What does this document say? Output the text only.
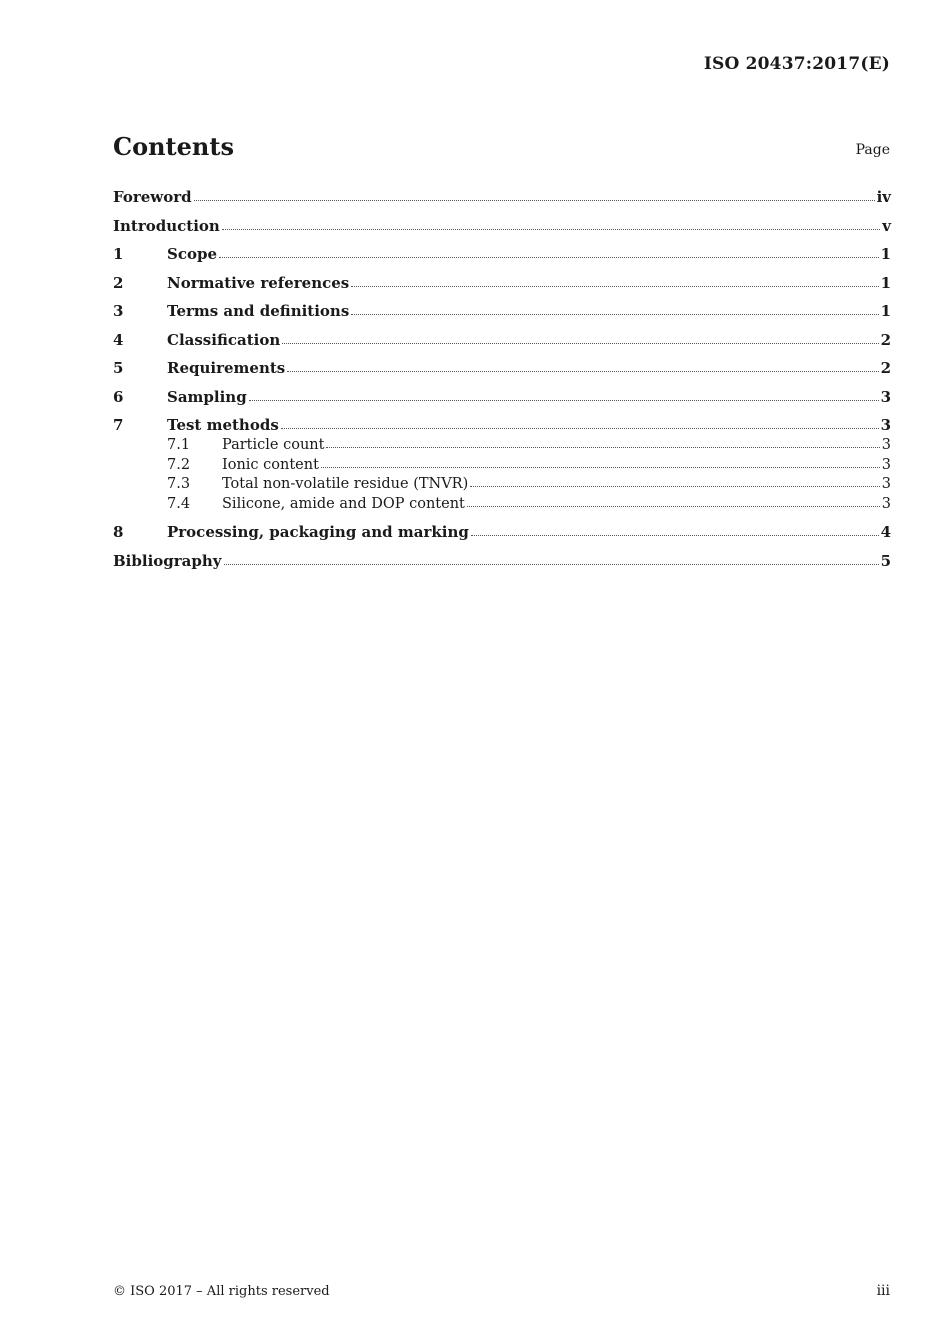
ISO 20437:2017(E)
Contents	Page
Foreword	iv
Introduction	v
1	Scope	1
2	Normative references	1
3	Terms and definitions	1
4	Classification	2
5	Requirements	2
6	Sampling	3
7	Test methods	3
7.1	Particle count	3
7.2	Ionic content	3
7.3	Total non-volatile residue (TNVR)	3
7.4	Silicone, amide and DOP content	3
8	Processing, packaging and marking	4
Bibliography	5
© ISO 2017 – All rights reserved	iii
